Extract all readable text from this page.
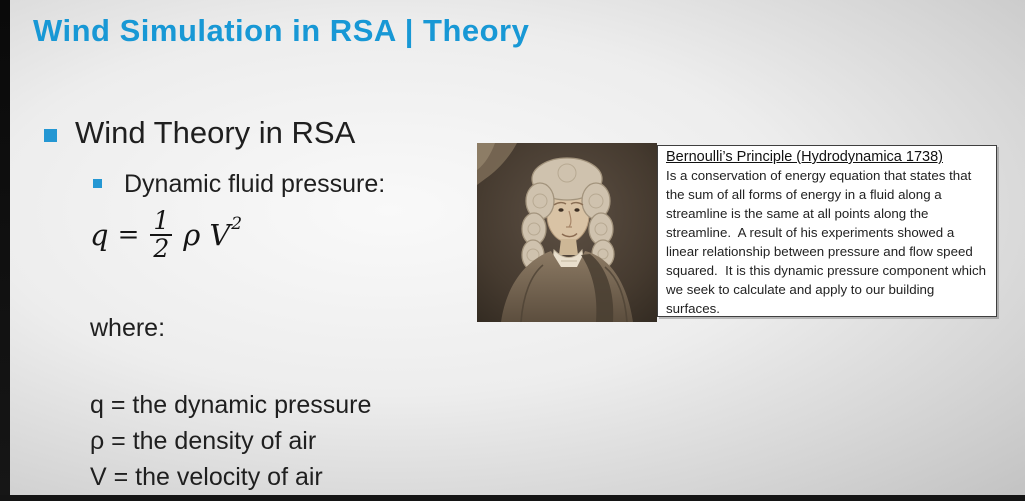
Wind Simulation in RSA | Theory
Wind Theory in RSA
Dynamic fluid pressure:
$q = \frac{1}{2}$ ρ V 2
where:
q = the dynamic pressure
ρ = the density of air
V = the velocity of air
Bernoulli’s Principle (Hydrodynamica 1738)
Is a conservation of energy equation that states that the sum of all forms of energy in a fluid along a streamline is the same at all points along the streamline.  A result of his experiments showed a linear relationship between pressure and flow speed squared.  It is this dynamic pressure component which we seek to calculate and apply to our building surfaces.
